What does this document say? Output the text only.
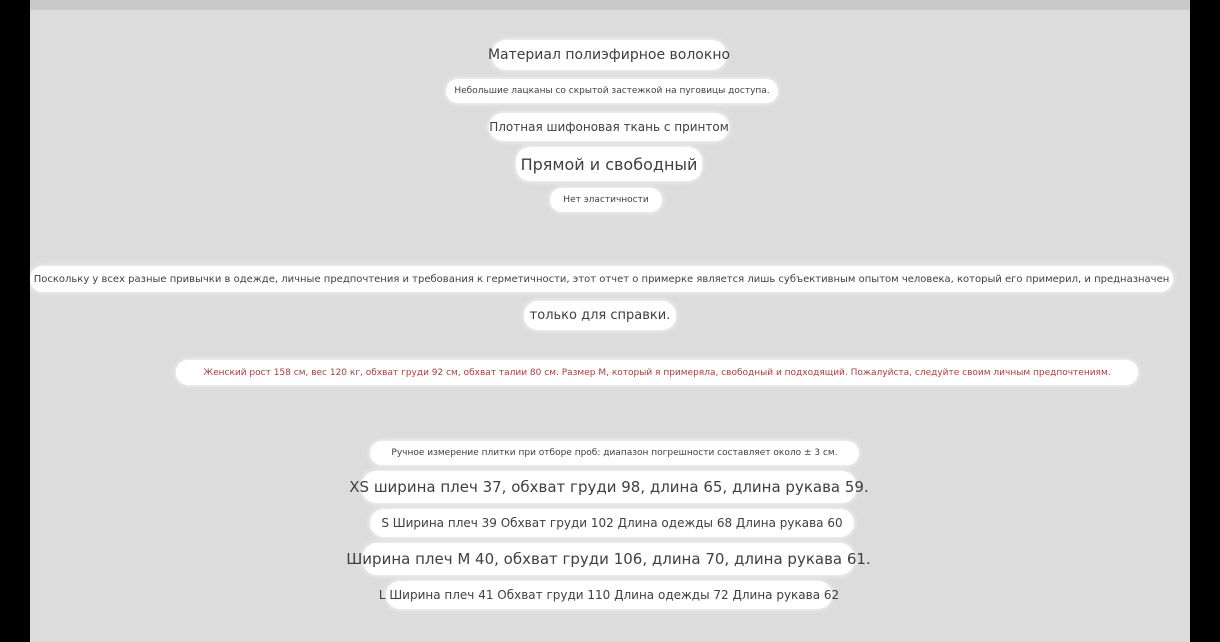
Материал полиэфирное волокно
Небольшие лацканы со скрытой застежкой на пуговицы доступа.
Плотная шифоновая ткань с принтом
Прямой и свободный
Нет эластичности
Поскольку у всех разные привычки в одежде, личные предпочтения и требования к герметичности, этот отчет о примерке является лишь субъективным опытом человека, который его примерил, и предназначен
только для справки.
Женский рост 158 см, вес 120 кг, обхват груди 92 см, обхват талии 80 см. Размер М, который я примеряла, свободный и подходящий. Пожалуйста, следуйте своим личным предпочтениям.
Ручное измерение плитки при отборе проб: диапазон погрешности составляет около ± 3 см.
XS ширина плеч 37, обхват груди 98, длина 65, длина рукава 59.
S Ширина плеч 39 Обхват груди 102 Длина одежды 68 Длина рукава 60
Ширина плеч M 40, обхват груди 106, длина 70, длина рукава 61.
L Ширина плеч 41 Обхват груди 110 Длина одежды 72 Длина рукава 62
